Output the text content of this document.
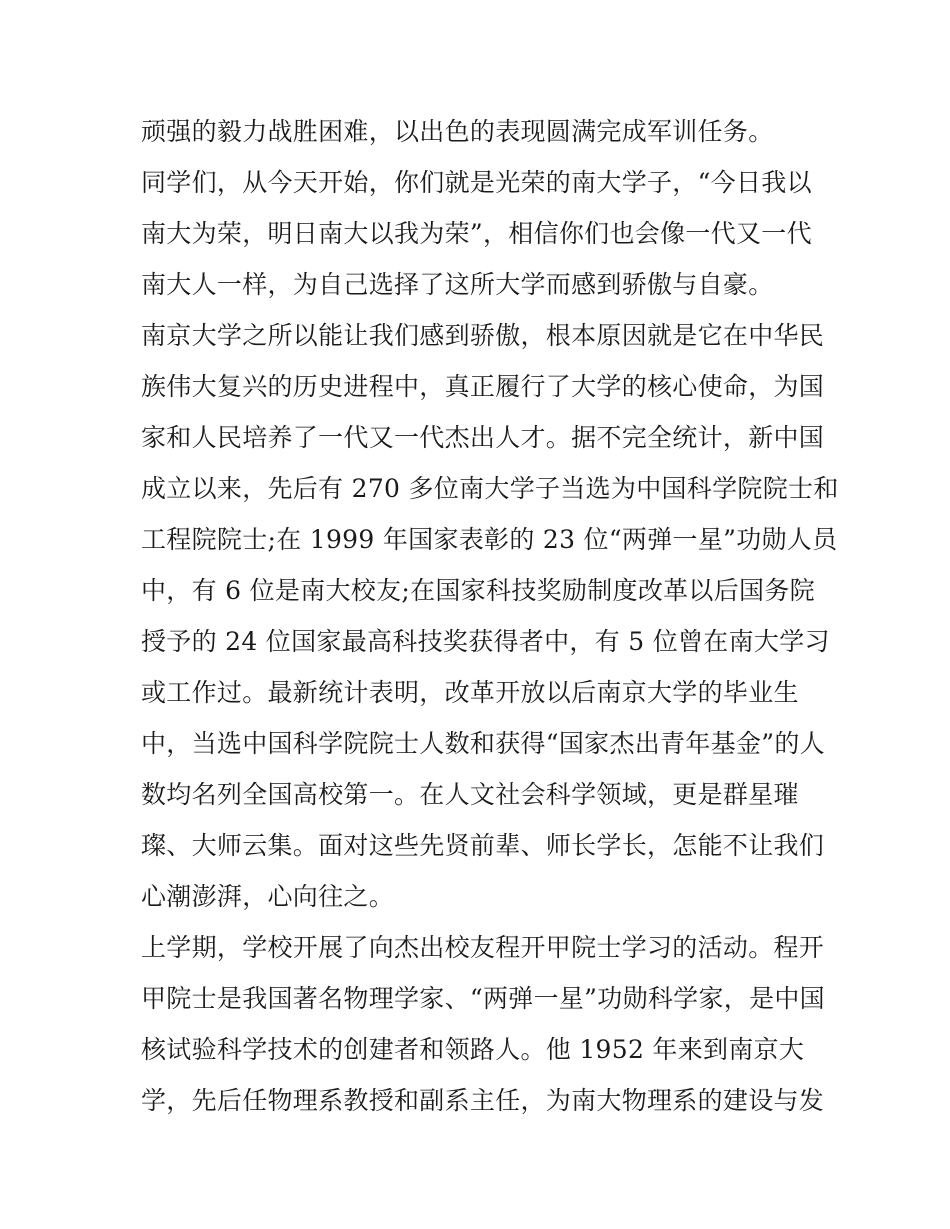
顽强的毅力战胜困难，以出色的表现圆满完成军训任务。
同学们，从今天开始，你们就是光荣的南大学子，“今日我以
南大为荣，明日南大以我为荣”，相信你们也会像一代又一代
南大人一样，为自己选择了这所大学而感到骄傲与自豪。
南京大学之所以能让我们感到骄傲，根本原因就是它在中华民
族伟大复兴的历史进程中，真正履行了大学的核心使命，为国
家和人民培养了一代又一代杰出人才。据不完全统计，新中国
成立以来，先后有 270 多位南大学子当选为中国科学院院士和
工程院院士;在 1999 年国家表彰的 23 位“两弹一星”功勋人员
中，有 6 位是南大校友;在国家科技奖励制度改革以后国务院
授予的 24 位国家最高科技奖获得者中，有 5 位曾在南大学习
或工作过。最新统计表明，改革开放以后南京大学的毕业生
中，当选中国科学院院士人数和获得“国家杰出青年基金”的人
数均名列全国高校第一。在人文社会科学领域，更是群星璀
璨、大师云集。面对这些先贤前辈、师长学长，怎能不让我们
心潮澎湃，心向往之。
上学期，学校开展了向杰出校友程开甲院士学习的活动。程开
甲院士是我国著名物理学家、“两弹一星”功勋科学家，是中国
核试验科学技术的创建者和领路人。他 1952 年来到南京大
学，先后任物理系教授和副系主任，为南大物理系的建设与发
